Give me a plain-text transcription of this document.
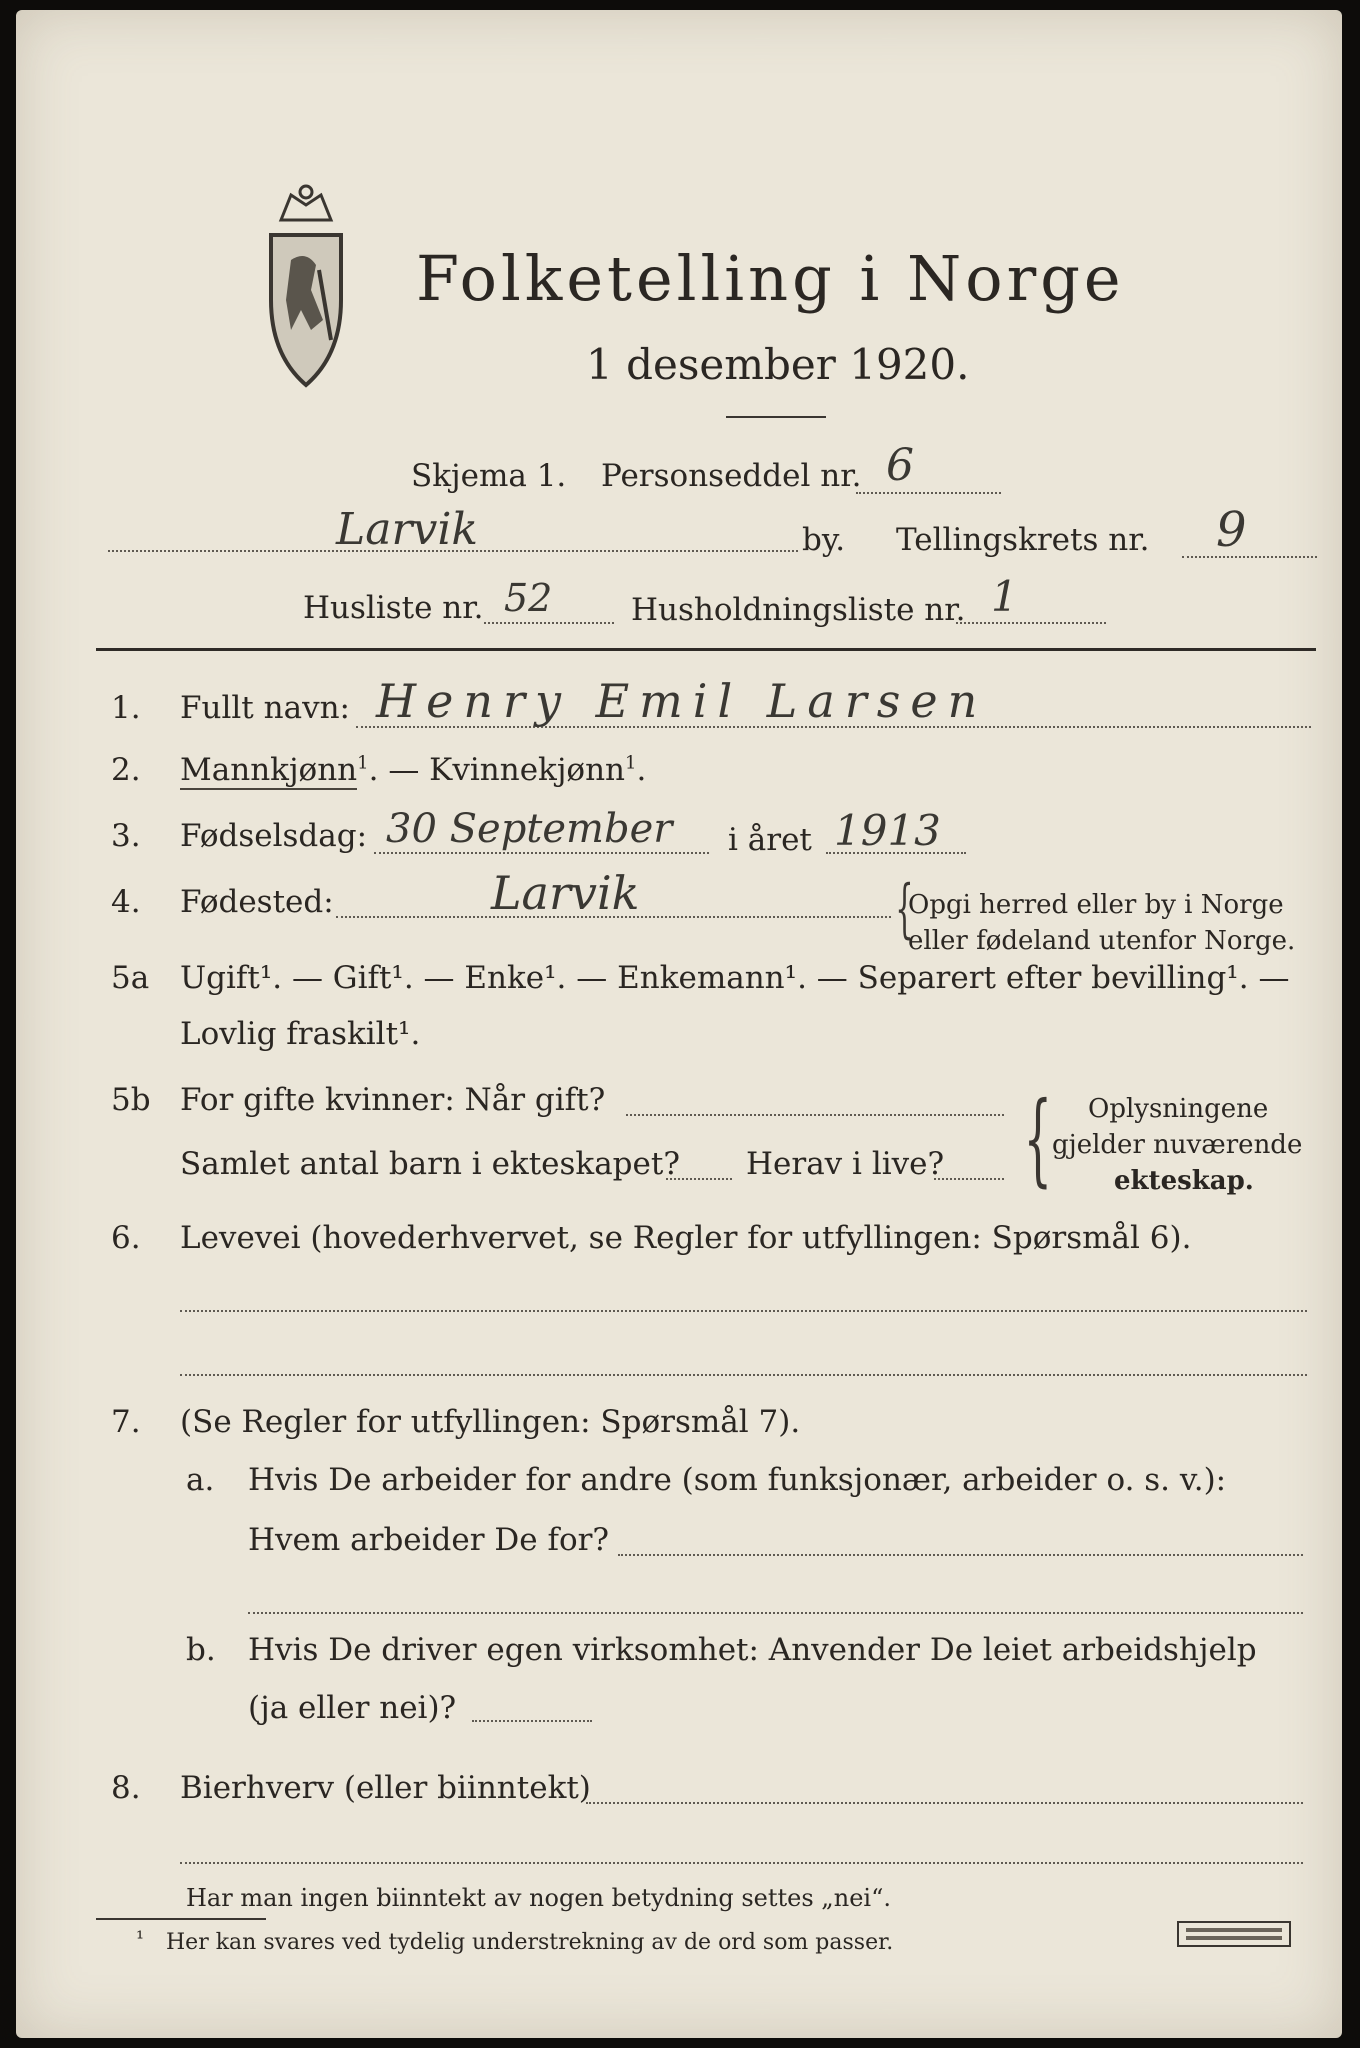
Folketelling i Norge
1 desember 1920.
Skjema 1. Personseddel nr. 6
Larvik	by. Tellingskrets nr. 9
Husliste nr. 52	Husholdningsliste nr. 1
1. Fullt navn: Henry Emil Larsen
2. Mannkjønn$^1$. — Kvinnekjønn$^1$.
3. Fødselsdag: 30 September i året 1913
4. Fødested:	Larvik	{
Opgi herred eller by i Norge
eller fødeland utenfor Norge.
5a Ugift¹. — Gift¹. — Enke¹. — Enkemann¹. — Separert efter bevilling¹. —
Lovlig fraskilt¹.
5b For gifte kvinner: Når gift?
Samlet antal barn i ekteskapet? Herav i live? { Oplysningene
gjelder nuværende
ekteskap.
6. Levevei (hovederhvervet, se Regler for utfyllingen: Spørsmål 6).
7. (Se Regler for utfyllingen: Spørsmål 7).
a. Hvis De arbeider for andre (som funksjonær, arbeider o. s. v.):
Hvem arbeider De for?
b. Hvis De driver egen virksomhet: Anvender De leiet arbeidshjelp
(ja eller nei)?
8. Bierhverv (eller biinntekt)
Har man ingen biinntekt av nogen betydning settes „nei“.
¹ Her kan svares ved tydelig understrekning av de ord som passer.
